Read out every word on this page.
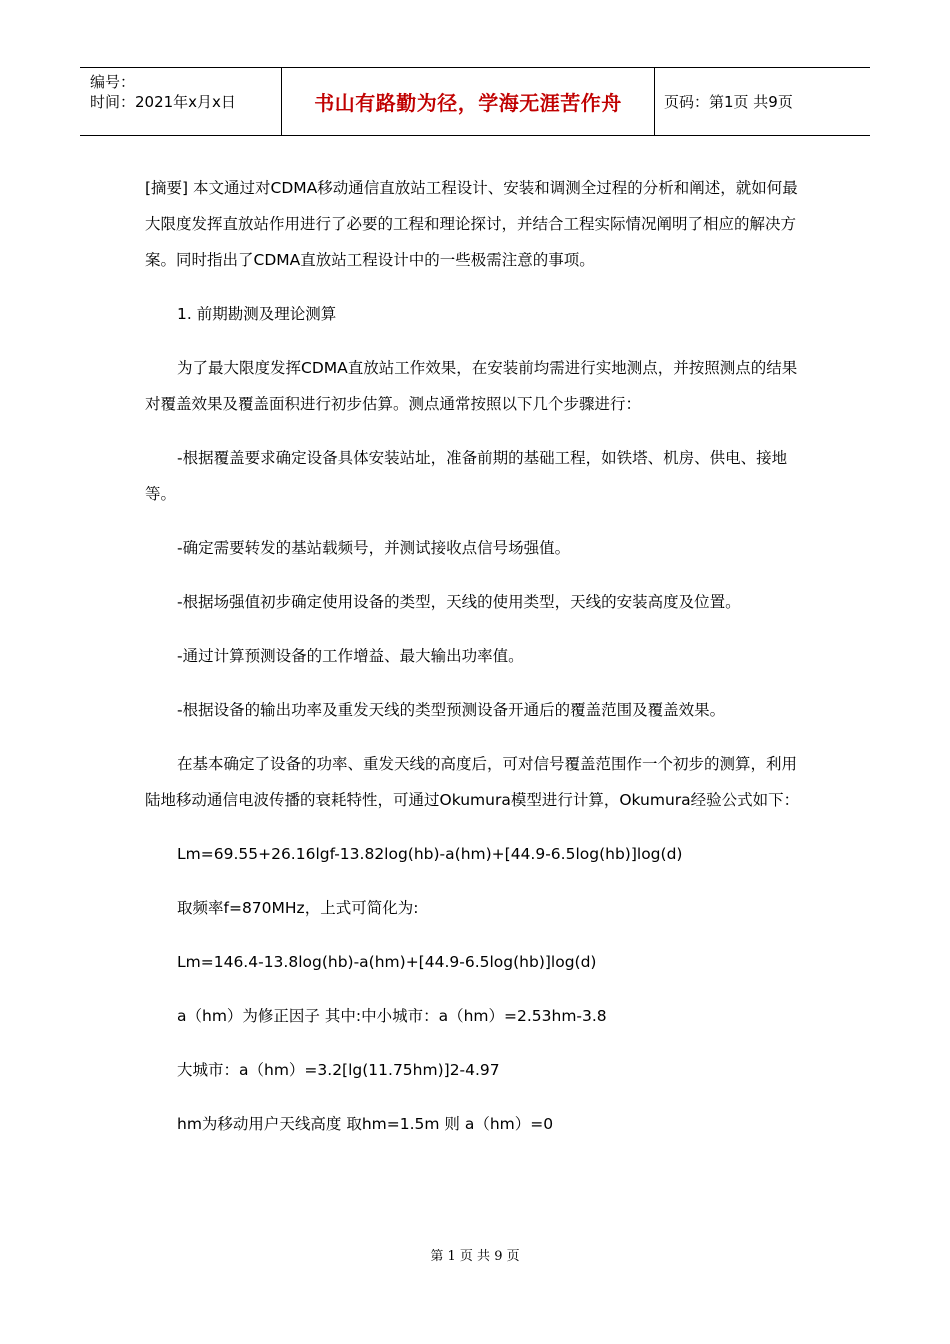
编号：
时间：2021年x月x日	书山有路勤为径，学海无涯苦作舟	页码：第1页 共9页

[摘要] 本文通过对CDMA移动通信直放站工程设计、安装和调测全过程的分析和阐述，就如何最大限度发挥直放站作用进行了必要的工程和理论探讨，并结合工程实际情况阐明了相应的解决方案。同时指出了CDMA直放站工程设计中的一些极需注意的事项。

1. 前期勘测及理论测算

为了最大限度发挥CDMA直放站工作效果，在安装前均需进行实地测点，并按照测点的结果对覆盖效果及覆盖面积进行初步估算。测点通常按照以下几个步骤进行：

-根据覆盖要求确定设备具体安装站址，准备前期的基础工程，如铁塔、机房、供电、接地等。

-确定需要转发的基站载频号，并测试接收点信号场强值。

-根据场强值初步确定使用设备的类型，天线的使用类型，天线的安装高度及位置。

-通过计算预测设备的工作增益、最大输出功率值。

-根据设备的输出功率及重发天线的类型预测设备开通后的覆盖范围及覆盖效果。

在基本确定了设备的功率、重发天线的高度后，可对信号覆盖范围作一个初步的测算，利用陆地移动通信电波传播的衰耗特性，可通过Okumura模型进行计算，Okumura经验公式如下：

Lm=69.55+26.16lgf-13.82log(hb)-a(hm)+[44.9-6.5log(hb)]log(d)

取频率f=870MHz，上式可简化为:

Lm=146.4-13.8log(hb)-a(hm)+[44.9-6.5log(hb)]log(d)

a（hm）为修正因子 其中:中小城市：a（hm）=2.53hm-3.8

大城市：a（hm）=3.2[lg(11.75hm)]2-4.97

hm为移动用户天线高度 取hm=1.5m 则 a（hm）=0

第 1 页 共 9 页
